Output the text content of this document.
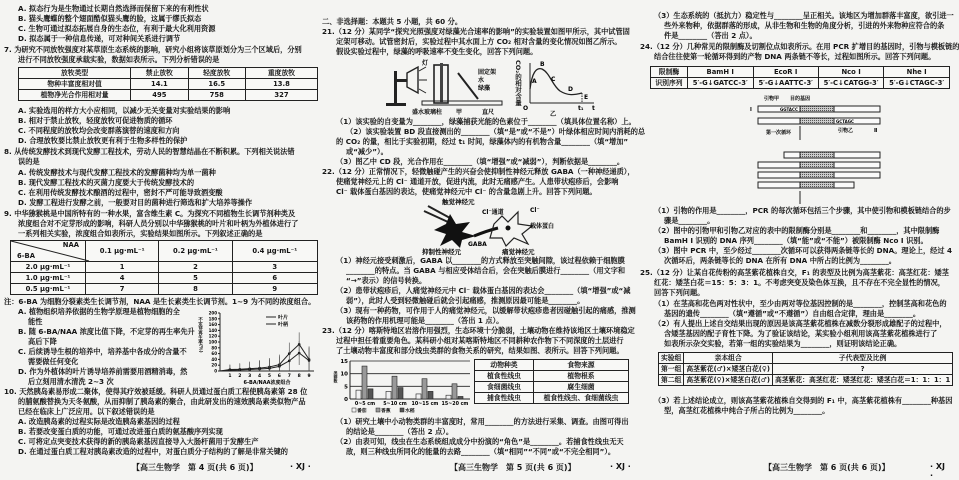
A. 拟态行为是生物通过长期自然选择而保留下来的有利性状
B. 猫头鹰蝶的整个翅面酷似猫头鹰的脸，这属于缪氏拟态
C. 生物可通过拟态拓展自身的生态位，有利于最大化利用资源
D. 拟态属于一种信息传递，可对种间关系进行调节
7. 为研究不同放牧强度对某草原生态系统的影响，研究小组将该草原划分为三个区域后，分别
进行不同放牧强度承载实验，数据如表所示。下列分析错误的是
放牧类型	禁止放牧	轻度放牧	重度放牧
物种丰富度相对值	14.1	16.5	13.8
植物净光合作用相对量	495	758	327
A. 实验选用的样方大小应相同，以减少无关变量对实验结果的影响
B. 相对于禁止放牧，轻度放牧可促进物质的循环
C. 不同程度的放牧均会改变群落演替的速度和方向
D. 合理放牧要比禁止放牧更有利于生物多样性的保护
8. 从传统发酵技术到现代发酵工程技术，劳动人民的智慧结晶在不断积累。下列相关说法错
误的是
A. 传统发酵技术与现代发酵工程技术的发酵菌种均为单一菌种
B. 现代发酵工程技术的灭菌力度要大于传统发酵技术的
C. 在利用传统发酵技术酿酒的过程中，密封不严可能导致酒变酸
D. 发酵工程进行发酵之前，一般要对目的菌种进行筛选和扩大培养等操作
9. 中华猕猴桃是中国所特有的一种水果，富含维生素 C。为探究不同植物生长调节剂种类及
浓度组合对不定芽形成的影响，科研人员分别以中华猕猴桃的叶片和叶柄为外植体进行了
一系列相关实验，浓度组合如表所示，实验结果如图所示。下列叙述正确的是
NAA
6-BA	0.1 μg·mL⁻¹	0.2 μg·mL⁻¹	0.4 μg·mL⁻¹
2.0 μg·mL⁻¹	1	2	3
1.0 μg·mL⁻¹	4	5	6
0.5 μg·mL⁻¹	7	8	9
注：6-BA 为细胞分裂素类生长调节剂，NAA 是生长素类生长调节剂。1~9 为不同的浓度组合。
A. 植物组织培养依据的生物学原理是植物细胞的全
能性
B. 随 6-BA/NAA 浓度比值下降，不定芽的再生率先升
高后下降
C. 后续诱导生根的培养中，培养基中各成分的含量不
需要做任何变化
D. 作为外植体的叶片诱导培养前需要用酒精消毒，然
后立刻用清水清洗 2~3 次
0
20
40
60
80
100
120
140
160
180
200
1 2 3 4 5 6 7 8 9
6-BA/NAA浓度组合
不定芽再生率(%)	叶片
叶柄
10. 天然胰岛素易形成二聚体，使得其疗效被延缓。科研人员通过蛋白质工程使胰岛素第 28 位
的脯氨酸替换为天冬氨酸，从而抑制了胰岛素的聚合，由此研发出的速效胰岛素类似物产品
已经在临床上广泛应用。以下叙述错误的是
A. 改造胰岛素的过程实际是改造胰岛素基因的过程
B. 若要改变蛋白质的功能，可通过改进蛋白质的氨基酸序列实现
C. 可将定点突变技术获得的新的胰岛素基因直接导入大肠杆菌用于发酵生产
D. 在通过蛋白质工程对胰岛素改造的过程中，对蛋白质分子结构的了解是非常关键的
【高三生物学　第 4 页(共 6 页)】	· XJ ·
二、非选择题：本题共 5 小题，共 60 分。
21.（12 分）某同学“探究光照强度对绿藻光合速率的影响”的实验装置如图甲所示，其中试管固
定架可移动。试管密封后，实验过程中其水面上方 CO₂ 相对含量的变化情况如图乙所示。
假设实验过程中，绿藻的呼吸速率不变生变化，回答下列问题。
灯
固定架
水
绿藻
盛水玻璃柱 甲	直尺
CO₂的相对含量 A
B
C
D
E
O	t₁ t
乙
（1）该实验的自变量为________，绿藻捕获光能的色素位于________（填具体位置名称）上。
（2）该实验装置 BD 段直接测出的________（填“是”或“不是”）叶绿体相应时间内消耗的总
的 CO₂ 的量，相比于实验初期，经过 t₁ 时间，绿藻体内的有机物含量________（填“增加”
或“减少”）。
（3）图乙中 CD 段，光合作用在________（填“增强”或“减弱”），判断依据是________。
22.（12 分）正常情况下，轻微触碰产生的兴奋会使抑制性神经元释放 GABA（一种神经递质），
使痛觉神经元上的 Cl⁻ 通道开放，促进内流，此时无痛感产生。人患带状疱疹后，会影响
Cl⁻ 载体蛋白基因的表达，使痛觉神经元中 Cl⁻ 的含量急剧上升。回答下列问题。
触觉神经元
抑制性神经元
GABA
Cl⁻通道	Cl⁻
载体蛋白
痛觉神经元
（1）神经元接受刺激后，GABA 以________的方式释放至突触间隙，该过程依赖于细胞膜
________的特点。当 GABA 与相应受体结合后，会在突触后膜进行________（用文字和
“→”表示）的信号转换。
（2）患带状疱疹后，人痛觉神经元中 Cl⁻ 载体蛋白基因的表达会________（填“增强”或“减
弱”），此时人受到轻微触碰后就会引起痛感，推测原因最可能是________。
（3）现有一种药物，可作用于人的痛觉神经元，以缓解带状疱疹患者因碰触引起的痛感，推测
该药物的作用机理可能是________（答出 1 点）。
23.（12 分）喀斯特地区岩溶作用强烈，生态环境十分脆弱，土壤动物在维持该地区土壤环境稳定
过程中担任着重要角色。某科研小组对某喀斯特地区不同耕种农作物下不同深度的土层进行
了土壤动物丰富度和部分线虫类群的食物关系的研究，结果如图、表所示。回答下列问题。
0
5
10
15
类群数
0~5 cm 5~10 cm 10~15 cm 15~20 cm
番茄	香蕉	水稻
动物种类	食物来源
植食性线虫	植物根系
食细菌线虫	腐生细菌
捕食性线虫	植食性线虫、食细菌线虫
（1）研究土壤中小动物类群的丰富度时，常用________的方法进行采集、调查。由图可得出
的结论是________（答出 2 点）。
（2）由表可知，线虫在生态系统组成成分中扮演的“角色”是________。若捕食性线虫无天
敌，则三种线虫所同化的能量的去路________（填“相同”“不同”或“不完全相同”）。
【高三生物学　第 5 页(共 6 页)】	· XJ ·
（3）生态系统的（抵抗力）稳定性与________呈正相关。该地区为增加群落丰富度，欲引进一
些外来物种，依据群落的形成，从非生物和生物的角度分析，引进的外来物种应符合的条
件是________（答出 2 点）。
24.（12 分）几种常见的限制酶及切割位点如表所示。在用 PCR 扩增目的基因时，引物与模板链的
结合往往使第一轮循环得到的产物 DNA 两条链不等长，过程如图所示。回答下列问题。
限制酶	BamH Ⅰ	EcoR Ⅰ	Nco Ⅰ	Nhe Ⅰ
识别序列	5′-G↓GATCC-3′	5′-G↓AATTC-3′	5′-C↓CATGG-3′	5′-G↓CTAGC-3′
引物甲 目的基因
Ⅰ	GGTACC
GCTAGC
Ⅱ
第一次循环	引物乙
（1）引物的作用是________，PCR 的每次循环包括三个步骤，其中使引物和模板链结合的步
骤是________。
（2）图中的引物甲和引物乙对应的表中的限制酶分别是________和________，其中限制酶
BamH Ⅰ 识别的 DNA 序列________（填“能”或“不能”）被限制酶 Nco Ⅰ 识别。
（3）图中 PCR 中，至少经过________次循环可以获得两条链等长的 DNA。理论上，经过 4
次循环后，两条链等长的 DNA 在所有 DNA 中所占的比例为________。
25.（12 分）让某自花传粉的高茎紫花植株自交，F₁ 的表型及比例为高茎紫花：高茎红花：矮茎
红花：矮茎白花＝15：5：3：1。不考虑突变及染色体互换，且不存在不完全显性的情况，
回答下列问题。
（1）在茎高和花色两对性状中，至少由两对等位基因控制的是________，控制茎高和花色的
基因的遗传________（填“遵循”或“不遵循”）自由组合定律，理由是________。
（2）有人提出上述自交结果出现的原因是该高茎紫花植株在减数分裂形成雄配子的过程中，
含矮茎基因的配子育性下降。为了验证该结论，某实验小组利用该高茎紫花植株进行了
如表所示杂交实验，若第一组的实验结果为________，则证明该结论正确。
实验组	亲本组合	子代表型及比例
第一组	高茎紫花(♂)×矮茎白花(♀)	?
第二组	高茎紫花(♀)×矮茎白花(♂)	高茎紫花：高茎红花：矮茎红花：矮茎白花＝1：1：1：1
（3）若上述结论成立，则该高茎紫花植株自交得到的 F₁ 中，高茎紫花植株有________种基因
型，高茎红花植株中纯合子所占的比例为________。
【高三生物学　第 6 页(共 6 页)】	· XJ ·
